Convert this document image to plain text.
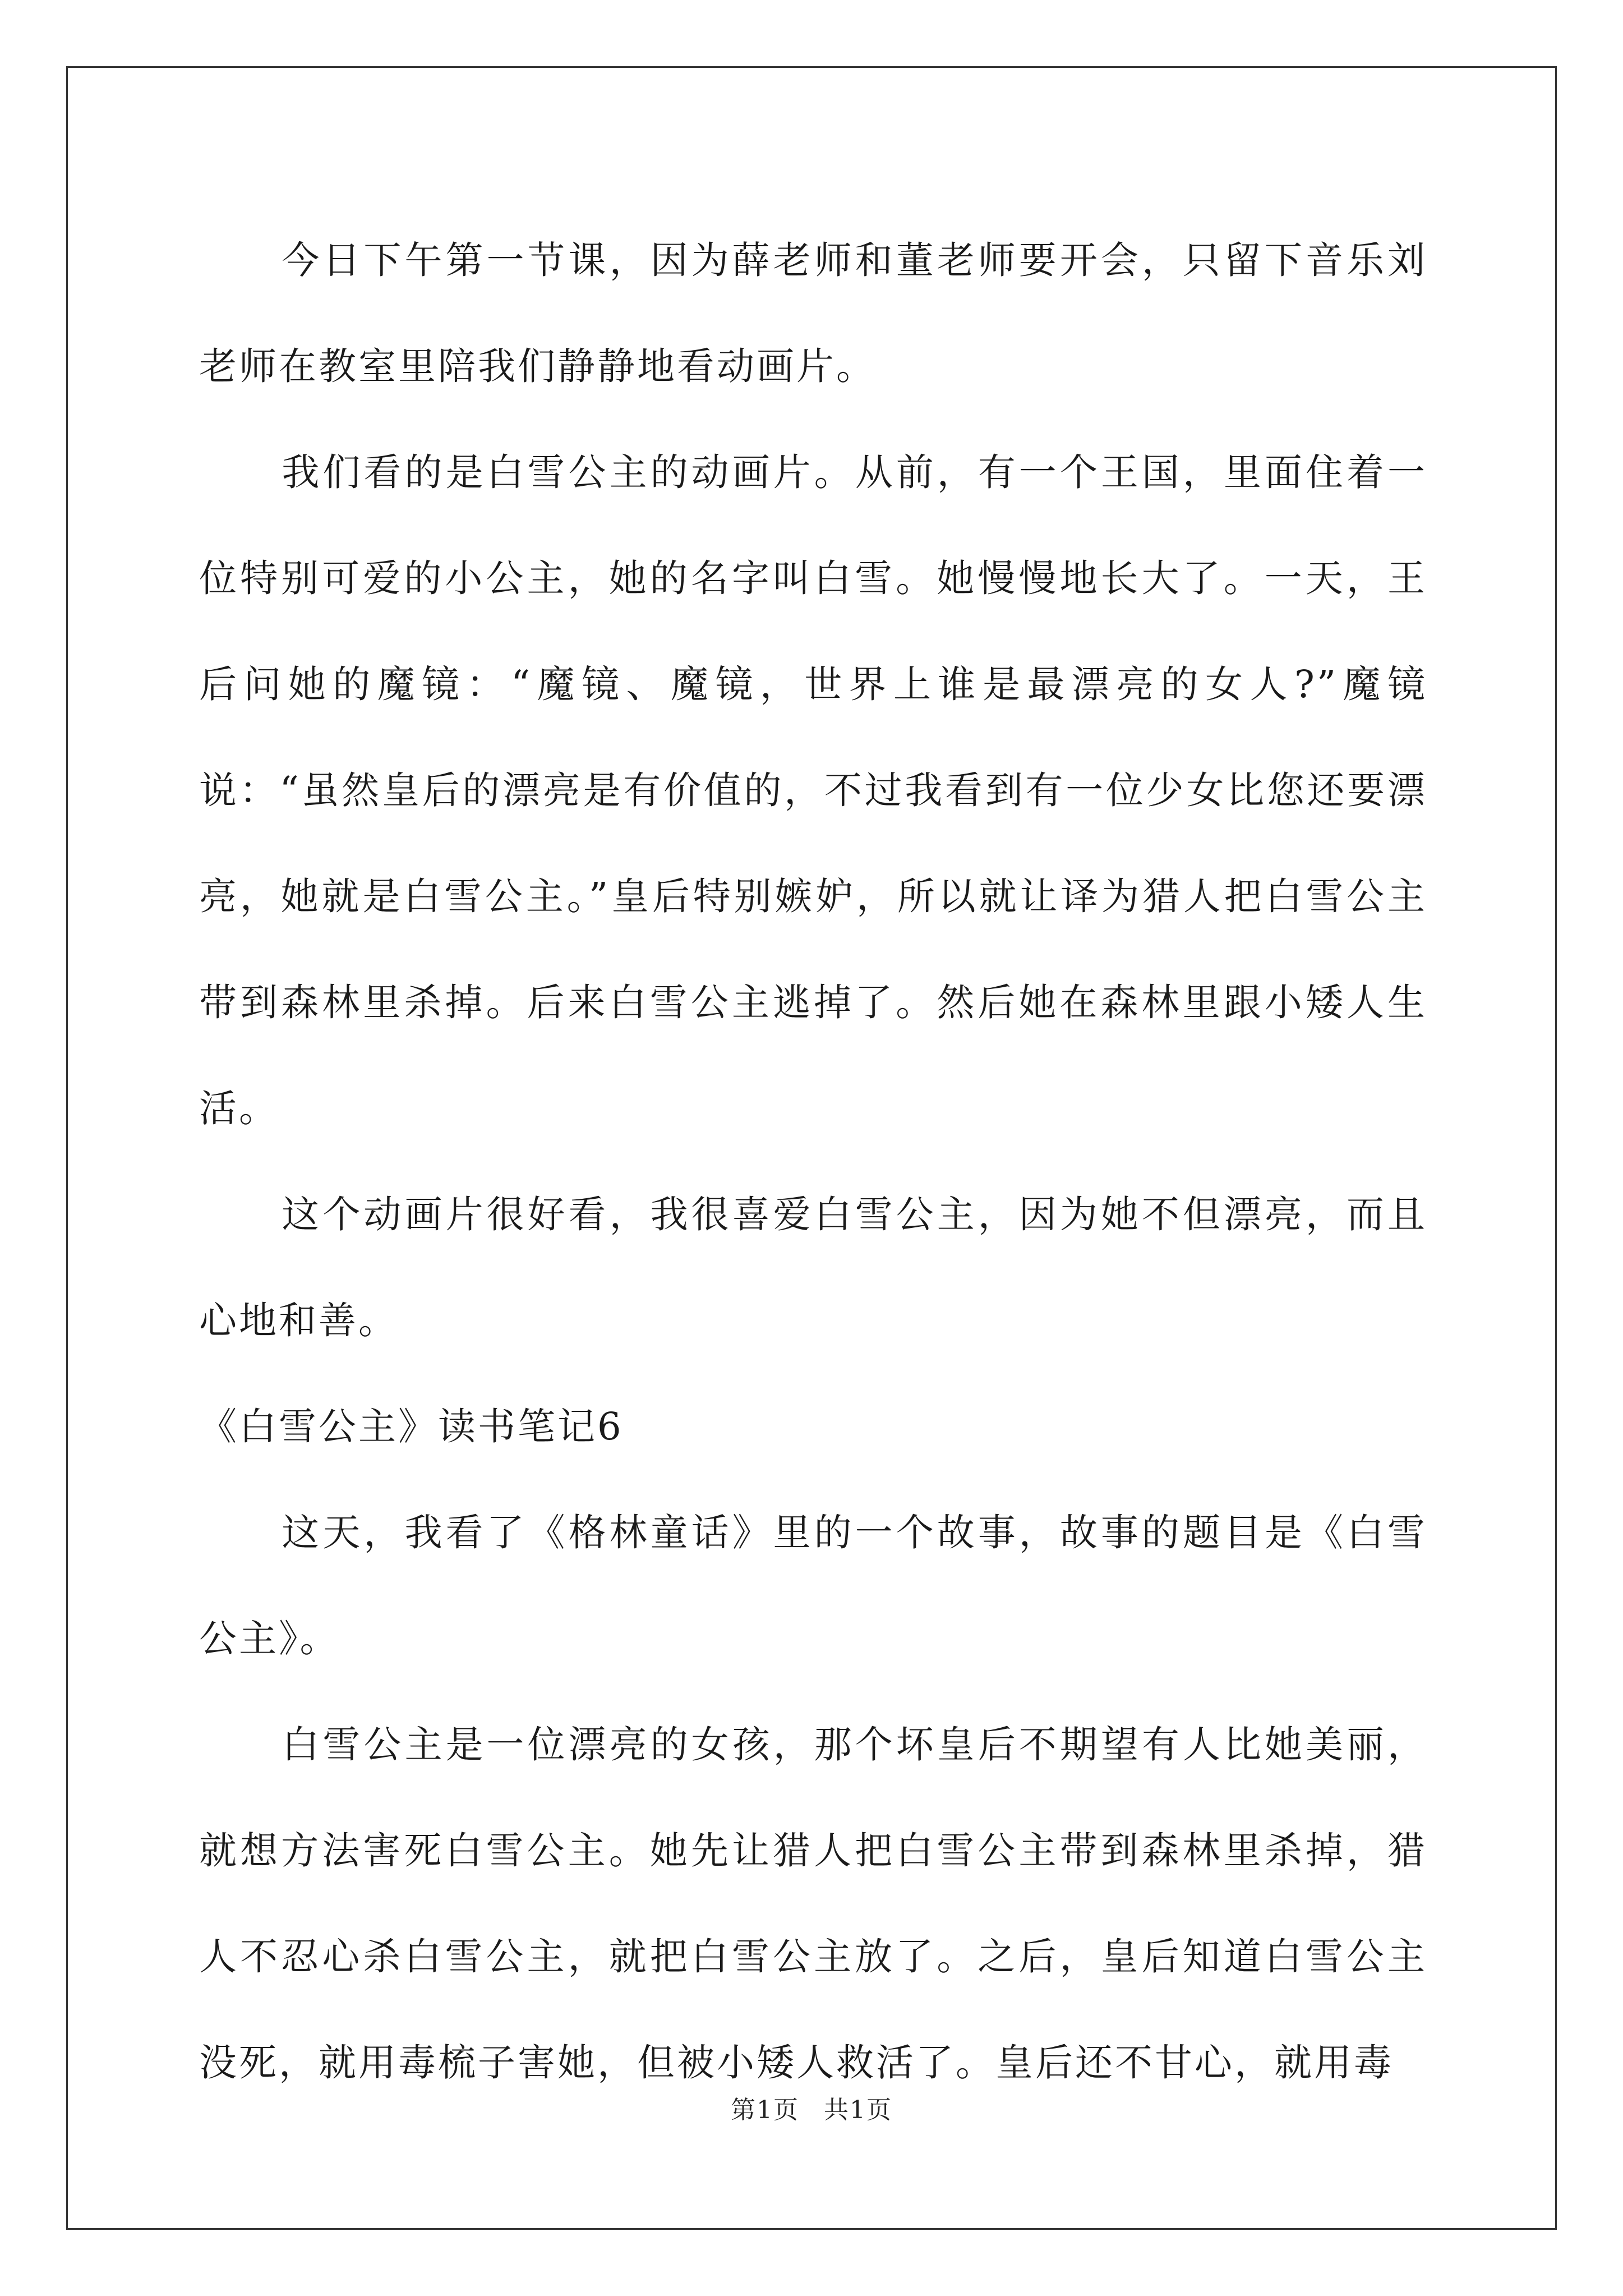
今日下午第一节课，因为薛老师和董老师要开会，只留下音乐刘老师在教室里陪我们静静地看动画片。

我们看的是白雪公主的动画片。从前，有一个王国，里面住着一位特别可爱的小公主，她的名字叫白雪。她慢慢地长大了。一天，王后问她的魔镜：“魔镜、魔镜，世界上谁是最漂亮的女人?”魔镜说：“虽然皇后的漂亮是有价值的，不过我看到有一位少女比您还要漂亮，她就是白雪公主。”皇后特别嫉妒，所以就让译为猎人把白雪公主带到森林里杀掉。后来白雪公主逃掉了。然后她在森林里跟小矮人生活。

这个动画片很好看，我很喜爱白雪公主，因为她不但漂亮，而且心地和善。

《白雪公主》读书笔记6

这天，我看了《格林童话》里的一个故事，故事的题目是《白雪公主》。

白雪公主是一位漂亮的女孩，那个坏皇后不期望有人比她美丽，就想方法害死白雪公主。她先让猎人把白雪公主带到森林里杀掉，猎人不忍心杀白雪公主，就把白雪公主放了。之后，皇后知道白雪公主没死，就用毒梳子害她，但被小矮人救活了。皇后还不甘心，就用毒

第1页 共1页
